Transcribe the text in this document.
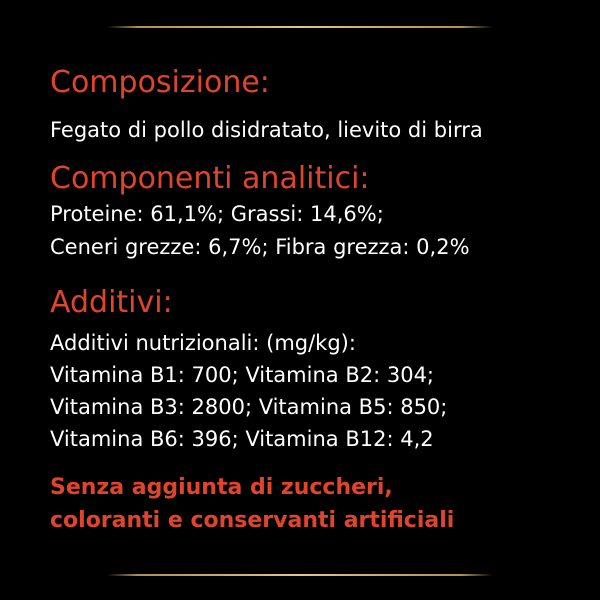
Composizione:
Fegato di pollo disidratato, lievito di birra
Componenti analitici:
Proteine: 61,1%; Grassi: 14,6%;
Ceneri grezze: 6,7%; Fibra grezza: 0,2%
Additivi:
Additivi nutrizionali: (mg/kg):
Vitamina B1: 700; Vitamina B2: 304;
Vitamina B3: 2800; Vitamina B5: 850;
Vitamina B6: 396; Vitamina B12: 4,2
Senza aggiunta di zuccheri,
coloranti e conservanti artificiali
